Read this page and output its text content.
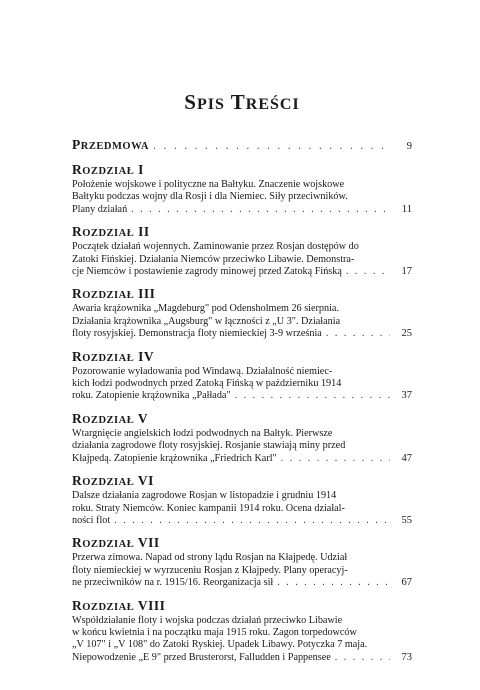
SPIS TREŚCI
PRZEDMOWA . . .	9
ROZDZIAŁ I
Położenie wojskowe i polityczne na Bałtyku. Znaczenie wojskowe
Bałtyku podczas wojny dla Rosji i dla Niemiec. Siły przeciwników.
Plany działań . . .	11
ROZDZIAŁ II
Początek działań wojennych. Zaminowanie przez Rosjan dostępów do
Zatoki Fińskiej. Działania Niemców przeciwko Libawie. Demonstra-
cje Niemców i postawienie zagrody minowej przed Zatoką Fińską . . .	17
ROZDZIAŁ III
Awaria krążownika „Magdeburg" pod Odensholmem 26 sierpnia.
Działania krążownika „Augsburg" w łączności z „U 3". Działania
floty rosyjskiej. Demonstracja floty niemieckiej 3-9 września . . .	25
ROZDZIAŁ IV
Pozorowanie wyładowania pod Windawą. Działalność niemiec-
kich łodzi podwodnych przed Zatoką Fińską w październiku 1914
roku. Zatopienie krążownika „Pałłada" . . .	37
ROZDZIAŁ V
Wtargnięcie angielskich łodzi podwodnych na Bałtyk. Pierwsze
działania zagrodowe floty rosyjskiej. Rosjanie stawiają miny przed
Kłajpedą. Zatopienie krążownika „Friedrich Karl" . . .	47
ROZDZIAŁ VI
Dalsze działania zagrodowe Rosjan w listopadzie i grudniu 1914
roku. Straty Niemców. Koniec kampanii 1914 roku. Ocena działal-
ności flot . . .	55
ROZDZIAŁ VII
Przerwa zimowa. Napad od strony lądu Rosjan na Kłajpedę. Udział
floty niemieckiej w wyrzuceniu Rosjan z Kłajpedy. Plany operacyj-
ne przeciwników na r. 1915/16. Reorganizacja sił . . .	67
ROZDZIAŁ VIII
Współdziałanie floty i wojska podczas działań przeciwko Libawie
w końcu kwietnia i na początku maja 1915 roku. Zagon torpedowców
„V 107" i „V 108" do Zatoki Ryskiej. Upadek Libawy. Potyczka 7 maja.
Niepowodzenie „E 9" przed Brusterorst, Falludden i Pappensee . . .	73
